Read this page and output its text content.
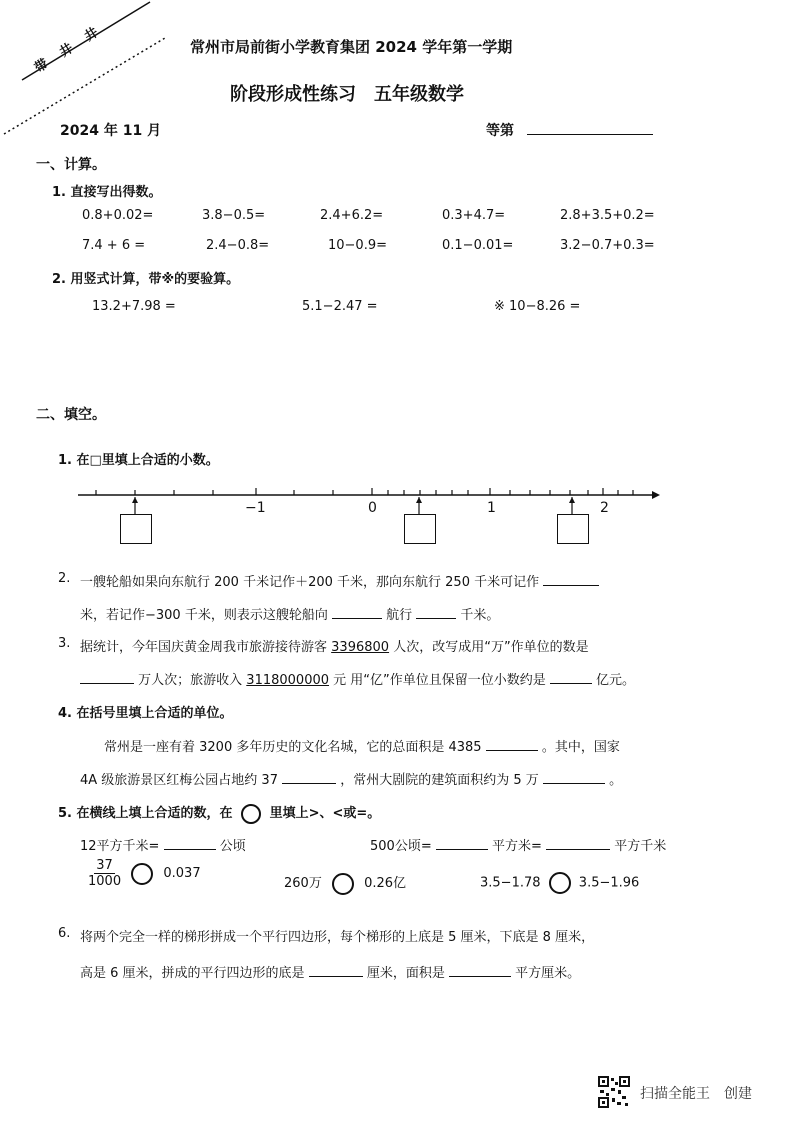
带 井 井	常州市局前街小学教育集团 2024 学年第一学期
阶段形成性练习　五年级数学
2024 年 11 月	等第
一、计算。
1. 直接写出得数。
0.8+0.02=	3.8−0.5=	2.4+6.2=	0.3+4.7=	2.8+3.5+0.2=
7.4 + 6 =	2.4−0.8=	10−0.9=	0.1−0.01=	3.2−0.7+0.3=
2. 用竖式计算，带※的要验算。
13.2+7.98 =	5.1−2.47 =	※ 10−8.26 =
二、填空。
1. 在□里填上合适的小数。
−1	0	1	2
2. 一艘轮船如果向东航行 200 千米记作＋200 千米，那向东航行 250 千米可记作
米，若记作−300 千米，则表示这艘轮船向	航行	千米。
3. 据统计，今年国庆黄金周我市旅游接待游客 3396800 人次，改写成用“万”作单位的数是
万人次；旅游收入 3118000000 元 用“亿”作单位且保留一位小数约是	亿元。
4. 在括号里填上合适的单位。
常州是一座有着 3200 多年历史的文化名城，它的总面积是 4385	。其中，国家
4A 级旅游景区红梅公园占地约 37	，常州大剧院的建筑面积约为 5 万	。
5. 在横线上填上合适的数，在	里填上>、<或=。
12平方千米=	公顷	500公顷=	平方米=	平方千米
$\frac{37}{1000}$	0.037
260万	0.26亿	3.5−1.78	3.5−1.96
6. 将两个完全一样的梯形拼成一个平行四边形，每个梯形的上底是 5 厘米，下底是 8 厘米，
高是 6 厘米，拼成的平行四边形的底是	厘米，面积是	平方厘米。
扫描全能王　创建
